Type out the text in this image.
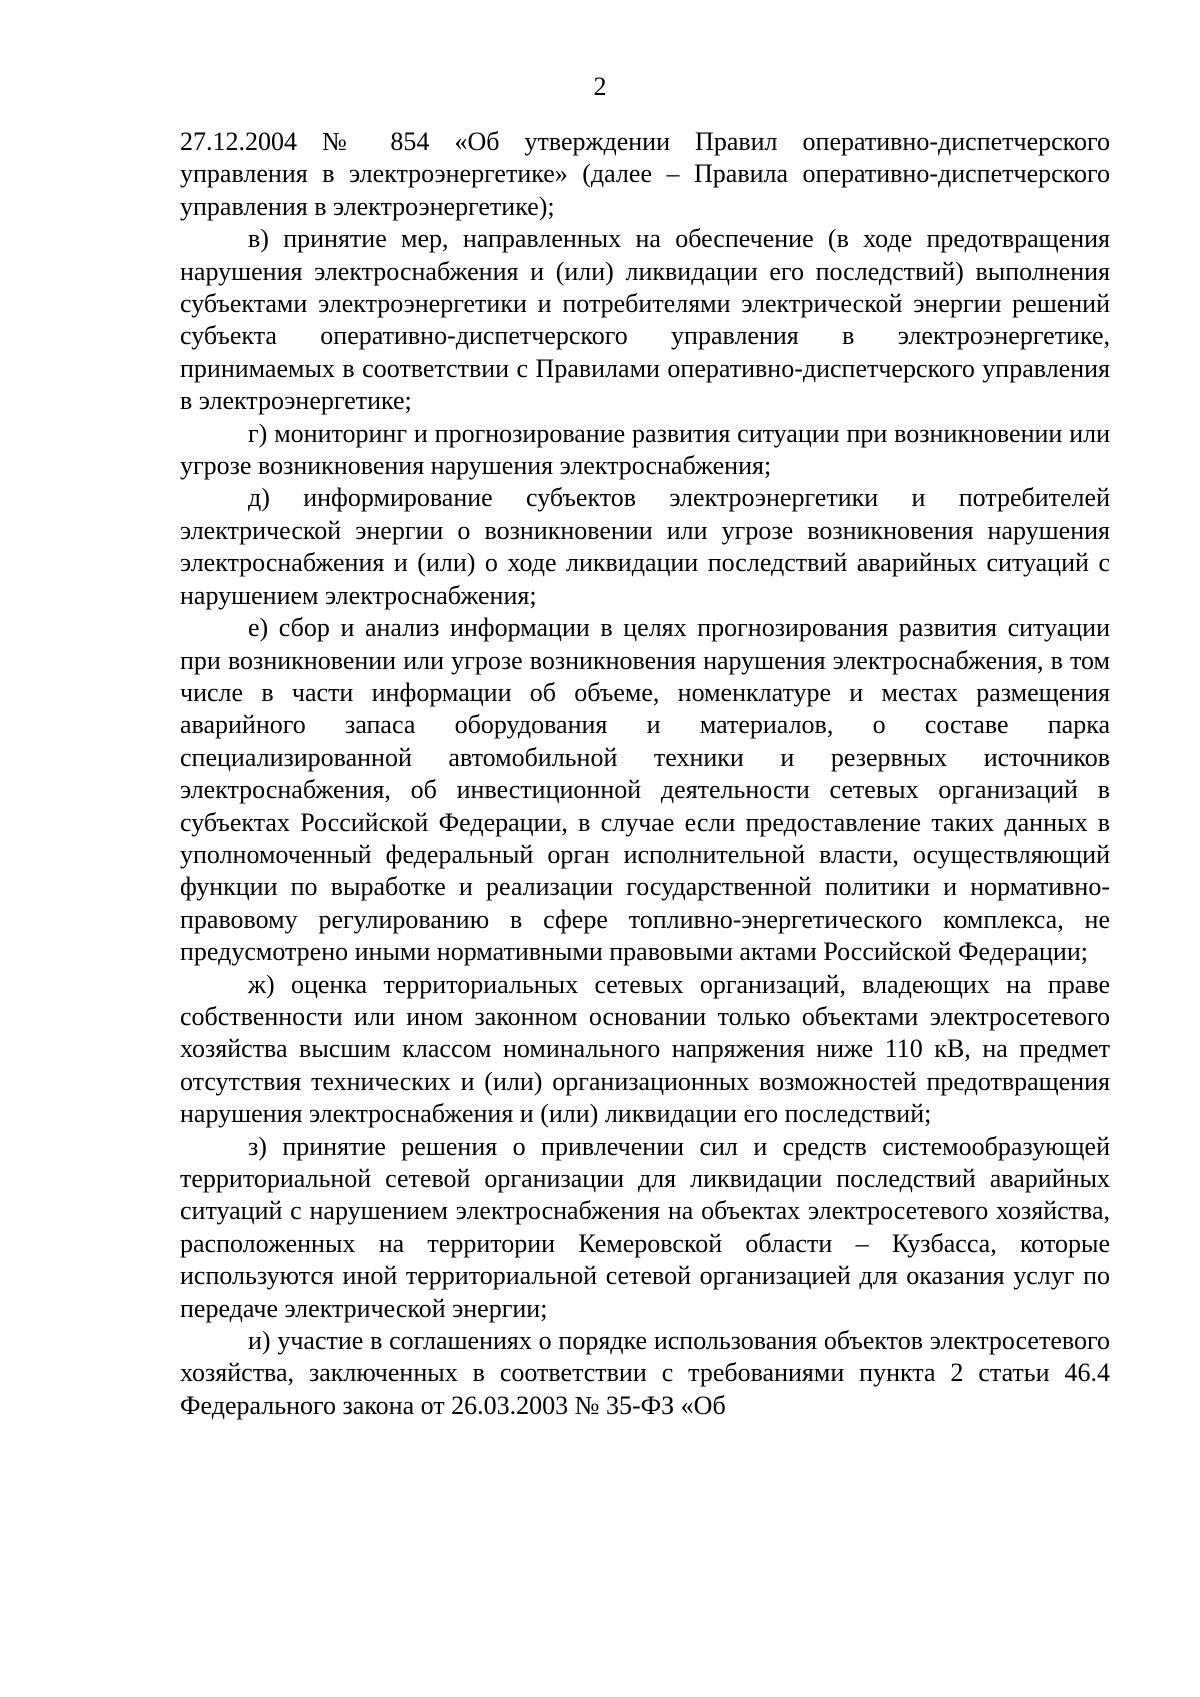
2

27.12.2004 № 854 «Об утверждении Правил оперативно-диспетчерского управления в электроэнергетике» (далее – Правила оперативно-диспетчерского управления в электроэнергетике);

в) принятие мер, направленных на обеспечение (в ходе предотвращения нарушения электроснабжения и (или) ликвидации его последствий) выполнения субъектами электроэнергетики и потребителями электрической энергии решений субъекта оперативно-диспетчерского управления в электроэнергетике, принимаемых в соответствии с Правилами оперативно-диспетчерского управления в электроэнергетике;

г) мониторинг и прогнозирование развития ситуации при возникновении или угрозе возникновения нарушения электроснабжения;

д) информирование субъектов электроэнергетики и потребителей электрической энергии о возникновении или угрозе возникновения нарушения электроснабжения и (или) о ходе ликвидации последствий аварийных ситуаций с нарушением электроснабжения;

е) сбор и анализ информации в целях прогнозирования развития ситуации при возникновении или угрозе возникновения нарушения электроснабжения, в том числе в части информации об объеме, номенклатуре и местах размещения аварийного запаса оборудования и материалов, о составе парка специализированной автомобильной техники и резервных источников электроснабжения, об инвестиционной деятельности сетевых организаций в субъектах Российской Федерации, в случае если предоставление таких данных в уполномоченный федеральный орган исполнительной власти, осуществляющий функции по выработке и реализации государственной политики и нормативно-правовому регулированию в сфере топливно-энергетического комплекса, не предусмотрено иными нормативными правовыми актами Российской Федерации;

ж) оценка территориальных сетевых организаций, владеющих на праве собственности или ином законном основании только объектами электросетевого хозяйства высшим классом номинального напряжения ниже 110 кВ, на предмет отсутствия технических и (или) организационных возможностей предотвращения нарушения электроснабжения и (или) ликвидации его последствий;

з) принятие решения о привлечении сил и средств системообразующей территориальной сетевой организации для ликвидации последствий аварийных ситуаций с нарушением электроснабжения на объектах электросетевого хозяйства, расположенных на территории Кемеровской области – Кузбасса, которые используются иной территориальной сетевой организацией для оказания услуг по передаче электрической энергии;

и) участие в соглашениях о порядке использования объектов электросетевого хозяйства, заключенных в соответствии с требованиями пункта 2 статьи 46.4 Федерального закона от 26.03.2003 № 35-ФЗ «Об
